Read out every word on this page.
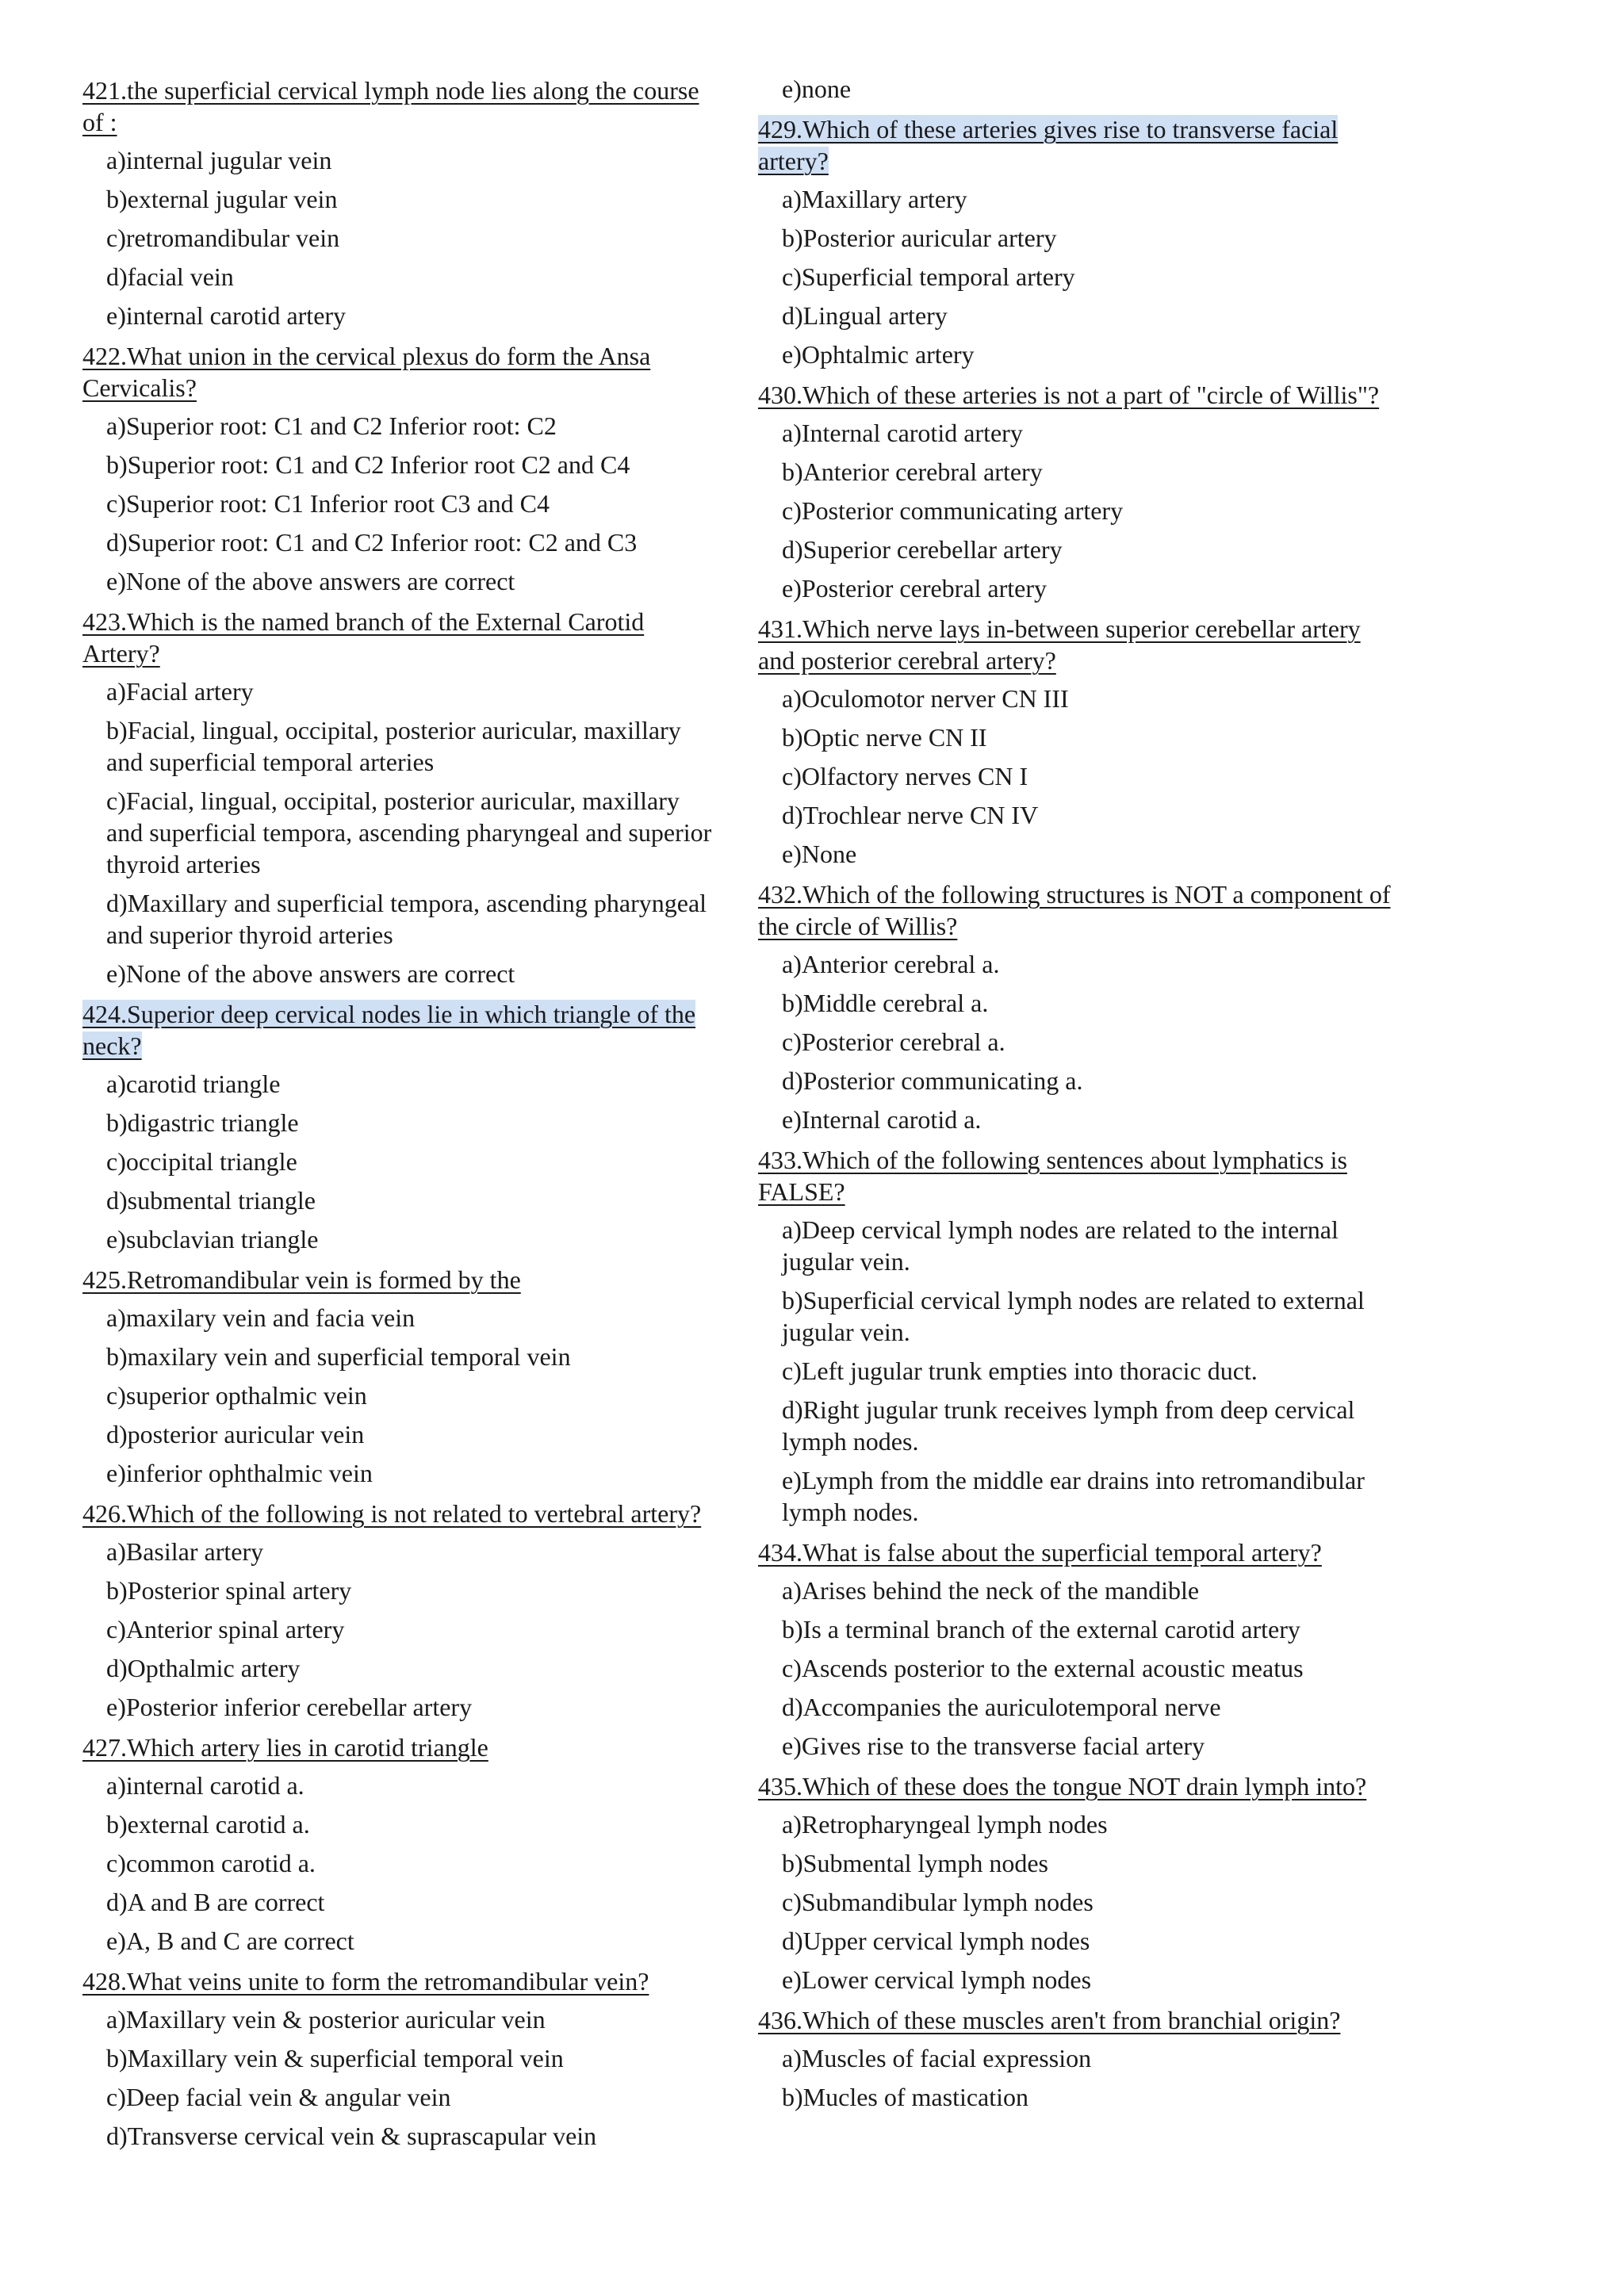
421.the superficial cervical lymph node lies along the course of :

a)internal jugular vein

b)external jugular vein

c)retromandibular vein

d)facial vein

e)internal carotid artery

422.What union in the cervical plexus do form the Ansa Cervicalis?

a)Superior root: C1 and C2 Inferior root: C2

b)Superior root: C1 and C2 Inferior root C2 and C4

c)Superior root: C1 Inferior root C3 and C4

d)Superior root: C1 and C2 Inferior root: C2 and C3

e)None of the above answers are correct

423.Which is the named branch of the External Carotid Artery?

a)Facial artery

b)Facial, lingual, occipital, posterior auricular, maxillary and superficial temporal arteries

c)Facial, lingual, occipital, posterior auricular, maxillary and superficial tempora, ascending pharyngeal and superior thyroid arteries

d)Maxillary and superficial tempora, ascending pharyngeal and superior thyroid arteries

e)None of the above answers are correct

424.Superior deep cervical nodes lie in which triangle of the neck?

a)carotid triangle

b)digastric triangle

c)occipital triangle

d)submental triangle

e)subclavian triangle

425.Retromandibular vein is formed by the

a)maxilary vein and facia vein

b)maxilary vein and superficial temporal vein

c)superior opthalmic vein

d)posterior auricular vein

e)inferior ophthalmic vein

426.Which of the following is not related to vertebral artery?

a)Basilar artery

b)Posterior spinal artery

c)Anterior spinal artery

d)Opthalmic artery

e)Posterior inferior cerebellar artery

427.Which artery lies in carotid triangle

a)internal carotid a.

b)external carotid a.

c)common carotid a.

d)A and B are correct

e)A, B and C are correct

428.What veins unite to form the retromandibular vein?

a)Maxillary vein & posterior auricular vein

b)Maxillary vein & superficial temporal vein

c)Deep facial vein & angular vein

d)Transverse cervical vein & suprascapular vein

e)none

429.Which of these arteries gives rise to transverse facial artery?

a)Maxillary artery

b)Posterior auricular artery

c)Superficial temporal artery

d)Lingual artery

e)Ophtalmic artery

430.Which of these arteries is not a part of "circle of Willis"?

a)Internal carotid artery

b)Anterior cerebral artery

c)Posterior communicating artery

d)Superior cerebellar artery

e)Posterior cerebral artery

431.Which nerve lays in-between superior cerebellar artery and posterior cerebral artery?

a)Oculomotor nerver CN III

b)Optic nerve CN II

c)Olfactory nerves CN I

d)Trochlear nerve CN IV

e)None

432.Which of the following structures is NOT a component of the circle of Willis?

a)Anterior cerebral a.

b)Middle cerebral a.

c)Posterior cerebral a.

d)Posterior communicating a.

e)Internal carotid a.

433.Which of the following sentences about lymphatics is FALSE?

a)Deep cervical lymph nodes are related to the internal jugular vein.

b)Superficial cervical lymph nodes are related to external jugular vein.

c)Left jugular trunk empties into thoracic duct.

d)Right jugular trunk receives lymph from deep cervical lymph nodes.

e)Lymph from the middle ear drains into retromandibular lymph nodes.

434.What is false about the superficial temporal artery?

a)Arises behind the neck of the mandible

b)Is a terminal branch of the external carotid artery

c)Ascends posterior to the external acoustic meatus

d)Accompanies the auriculotemporal nerve

e)Gives rise to the transverse facial artery

435.Which of these does the tongue NOT drain lymph into?

a)Retropharyngeal lymph nodes

b)Submental lymph nodes

c)Submandibular lymph nodes

d)Upper cervical lymph nodes

e)Lower cervical lymph nodes

436.Which of these muscles aren't from branchial origin?

a)Muscles of facial expression

b)Mucles of mastication
